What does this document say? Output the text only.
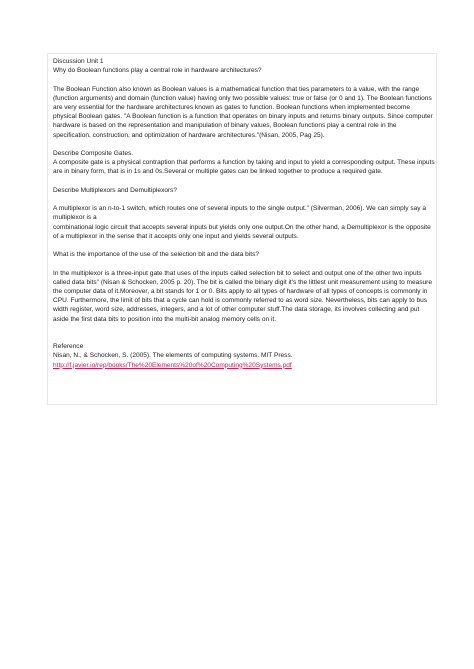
Discussion Unit 1

Why do Boolean functions play a central role in hardware architectures?

The Boolean Function also known as Boolean values is a mathematical function that ties parameters to a value, with the range (function arguments) and domain (function value) having only two possible values: true or false (or 0 and 1). The Boolean functions are very essential for the hardware architectures known as gates to function. Boolean functions when implemented become physical Boolean gates. "A Boolean function is a function that operates on binary inputs and returns binary outputs. Since computer hardware is based on the representation and manipulation of binary values, Boolean functions play a central role in the specification, construction, and optimization of hardware architectures."(Nisan, 2005, Pag 25).

Describe Composite Gates.

A composite gate is a physical contraption that performs a function by taking and input to yield a corresponding output. These inputs are in binary form, that is in 1s and 0s.Several or multiple gates can be linked together to produce a required gate.

Describe Multiplexors and Demultiplexors?

A multiplexor is an n-to-1 switch, which routes one of several inputs to the single output." (Silverman, 2006). We can simply say a multiplexor is a

combinational logic circuit that accepts several inputs but yields only one output.On the other hand, a Demultiplexor is the opposite of a multiplexor in the sense that it accepts only one input and yields several outputs.

What is the importance of the use of the selection bit and the data bits?

In the multiplexor is a three-input gate that uses of the inputs called selection bit to select and output one of the other two inputs called data bits" (Nisan & Schocken, 2005 p. 20). The bit is called the binary digit it's the littlest unit measurement using to measure the computer data of it.Moreover, a bit stands for 1 or 0. Bits apply to all types of hardware of all types of concepts is commonly in CPU. Furthermore, the limit of bits that a cycle can hold is commonly referred to as word size. Nevertheless, bits can apply to bus width register, word size, addresses, integers, and a lot of other computer stuff.The data storage, its involves collecting and put aside the first data bits to position into the multi-bit analog memory cells on it.

Reference

Nisan, N., & Schocken, S. (2005). The elements of computing systems. MIT Press.

http://f.javier.io/rep/books/The%20Elements%20of%20Computing%20Systems.pdf
